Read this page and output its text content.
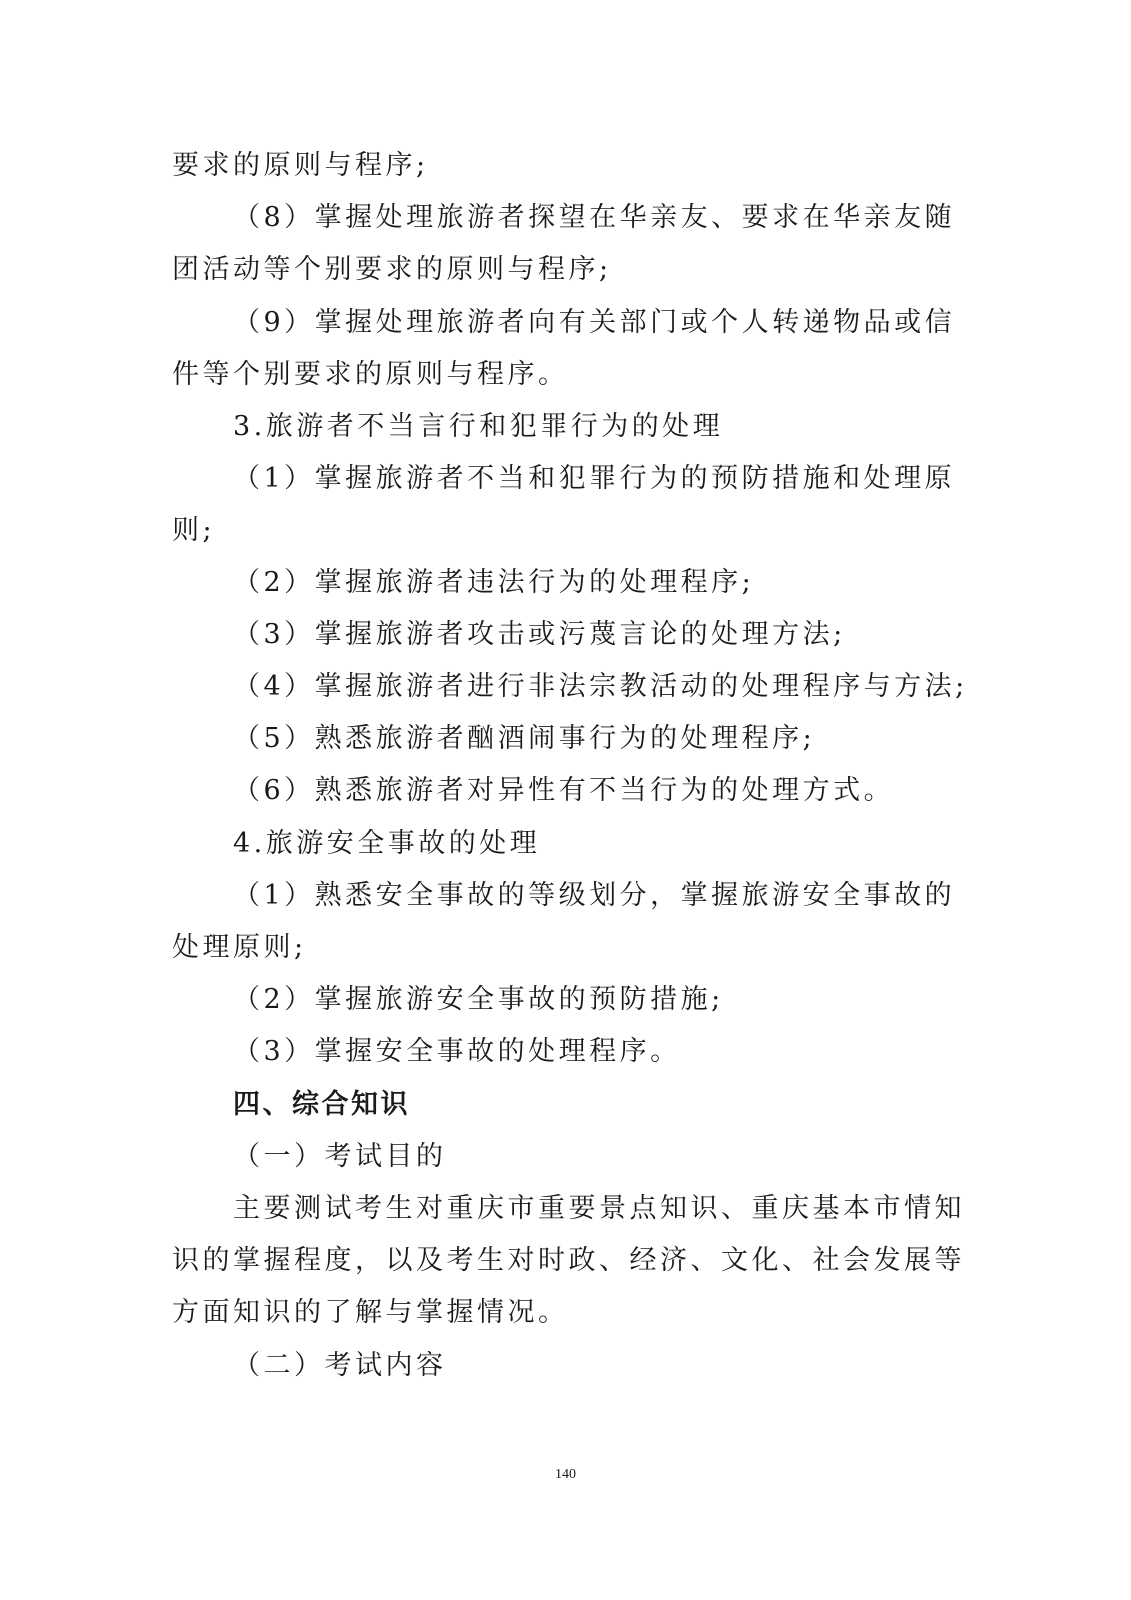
要求的原则与程序;
（8）掌握处理旅游者探望在华亲友、要求在华亲友随
团活动等个别要求的原则与程序;
（9）掌握处理旅游者向有关部门或个人转递物品或信
件等个别要求的原则与程序。
3.旅游者不当言行和犯罪行为的处理
（1）掌握旅游者不当和犯罪行为的预防措施和处理原
则;
（2）掌握旅游者违法行为的处理程序;
（3）掌握旅游者攻击或污蔑言论的处理方法;
（4）掌握旅游者进行非法宗教活动的处理程序与方法;
（5）熟悉旅游者酗酒闹事行为的处理程序;
（6）熟悉旅游者对异性有不当行为的处理方式。
4.旅游安全事故的处理
（1）熟悉安全事故的等级划分，掌握旅游安全事故的
处理原则;
（2）掌握旅游安全事故的预防措施;
（3）掌握安全事故的处理程序。
四、综合知识
（一）考试目的
主要测试考生对重庆市重要景点知识、重庆基本市情知
识的掌握程度，以及考生对时政、经济、文化、社会发展等
方面知识的了解与掌握情况。
（二）考试内容
140
